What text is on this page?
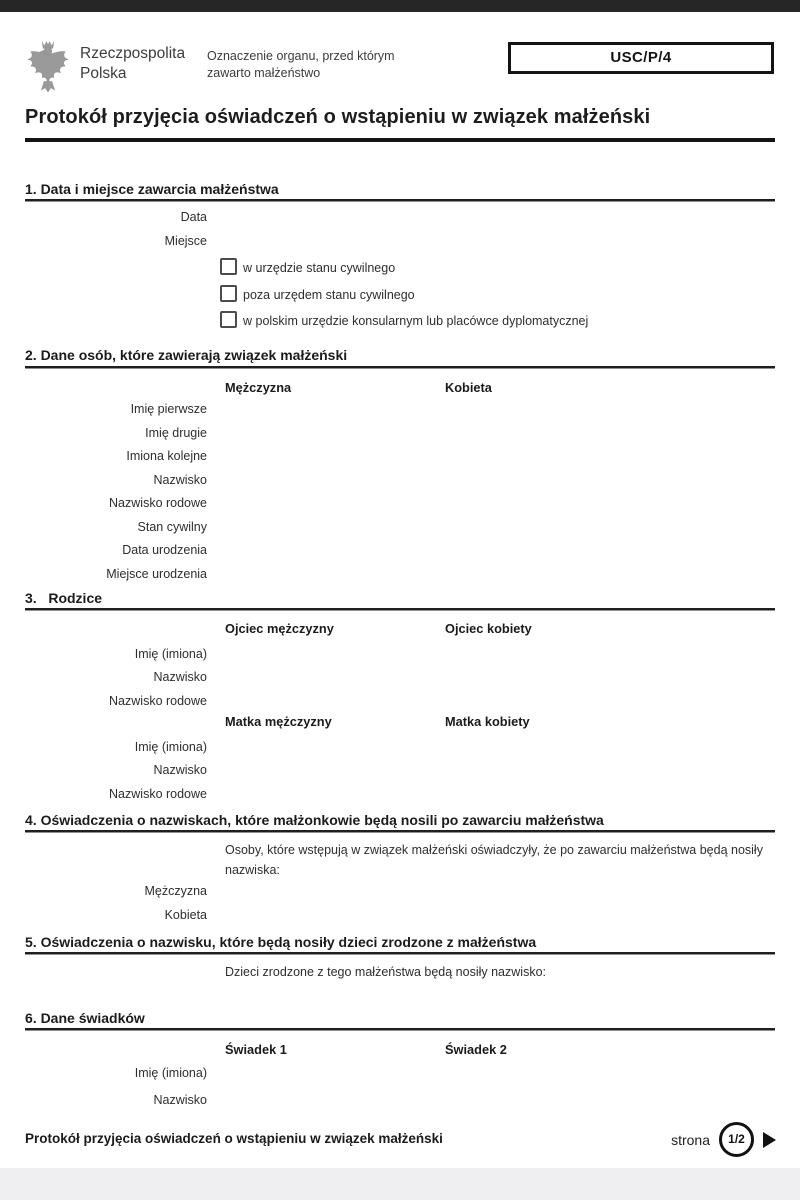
Rzeczpospolita
Polska
Oznaczenie organu, przed którym
zawarto małżeństwo
USC/P/4
Protokół przyjęcia oświadczeń o wstąpieniu w związek małżeński
1. Data i miejsce zawarcia małżeństwa
Data
Miejsce
w urzędzie stanu cywilnego
poza urzędem stanu cywilnego
w polskim urzędzie konsularnym lub placówce dyplomatycznej
2. Dane osób, które zawierają związek małżeński
Mężczyzna	Kobieta
Imię pierwsze
Imię drugie
Imiona kolejne
Nazwisko
Nazwisko rodowe
Stan cywilny
Data urodzenia
Miejsce urodzenia
3.   Rodzice
Ojciec mężczyzny	Ojciec kobiety
Imię (imiona)
Nazwisko
Nazwisko rodowe
Matka mężczyzny	Matka kobiety
Imię (imiona)
Nazwisko
Nazwisko rodowe
4. Oświadczenia o nazwiskach, które małżonkowie będą nosili po zawarciu małżeństwa
Osoby, które wstępują w związek małżeński oświadczyły, że po zawarciu małżeństwa będą nosiły nazwiska:
Mężczyzna
Kobieta
5. Oświadczenia o nazwisku, które będą nosiły dzieci zrodzone z małżeństwa
Dzieci zrodzone z tego małżeństwa będą nosiły nazwisko:
6. Dane świadków
Świadek 1	Świadek 2
Imię (imiona)
Nazwisko
Protokół przyjęcia oświadczeń o wstąpieniu w związek małżeński	strona	1/2
